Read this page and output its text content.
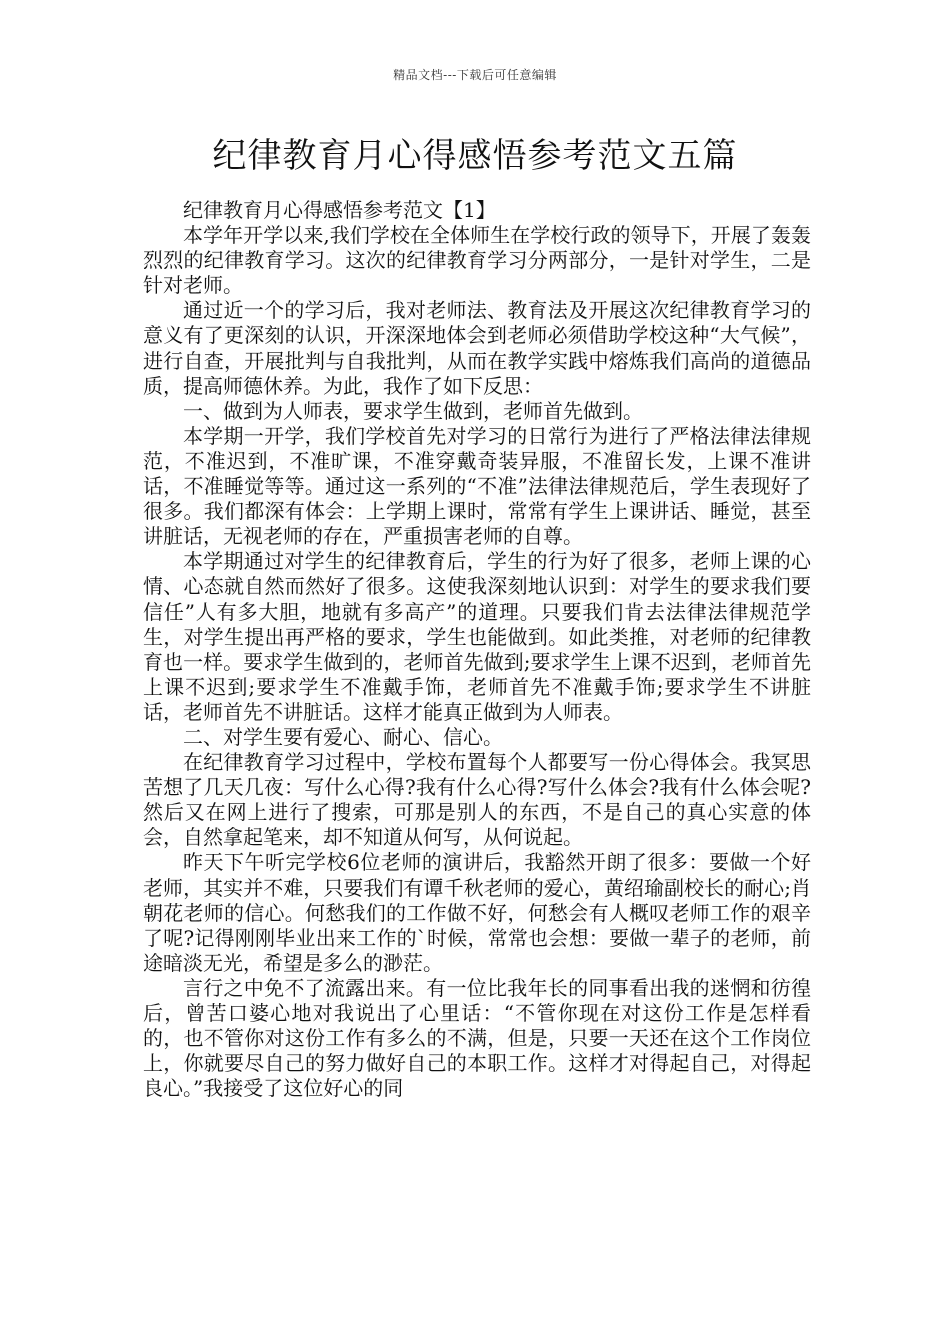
精品文档---下载后可任意编辑
纪律教育月心得感悟参考范文五篇

纪律教育月心得感悟参考范文【1】

本学年开学以来,我们学校在全体师生在学校行政的领导下，开展了轰轰烈烈的纪律教育学习。这次的纪律教育学习分两部分，一是针对学生，二是针对老师。

通过近一个的学习后，我对老师法、教育法及开展这次纪律教育学习的意义有了更深刻的认识，开深深地体会到老师必须借助学校这种“大气候”，进行自查，开展批判与自我批判，从而在教学实践中熔炼我们高尚的道德品质，提高师德休养。为此，我作了如下反思：

一、做到为人师表，要求学生做到，老师首先做到。

本学期一开学，我们学校首先对学习的日常行为进行了严格法律法律规范，不准迟到，不准旷课，不准穿戴奇装异服，不准留长发，上课不准讲话，不准睡觉等等。通过这一系列的“不准”法律法律规范后，学生表现好了很多。我们都深有体会：上学期上课时，常常有学生上课讲话、睡觉，甚至讲脏话，无视老师的存在，严重损害老师的自尊。

本学期通过对学生的纪律教育后，学生的行为好了很多，老师上课的心情、心态就自然而然好了很多。这使我深刻地认识到：对学生的要求我们要信任”人有多大胆，地就有多高产”的道理。只要我们肯去法律法律规范学生，对学生提出再严格的要求，学生也能做到。如此类推，对老师的纪律教育也一样。要求学生做到的，老师首先做到;要求学生上课不迟到，老师首先上课不迟到;要求学生不准戴手饰，老师首先不准戴手饰;要求学生不讲脏话，老师首先不讲脏话。这样才能真正做到为人师表。

二、对学生要有爱心、耐心、信心。

在纪律教育学习过程中，学校布置每个人都要写一份心得体会。我冥思苦想了几天几夜：写什么心得?我有什么心得?写什么体会?我有什么体会呢?然后又在网上进行了搜索，可那是别人的东西，不是自己的真心实意的体会，自然拿起笔来，却不知道从何写，从何说起。

昨天下午听完学校6位老师的演讲后，我豁然开朗了很多：要做一个好老师，其实并不难，只要我们有谭千秋老师的爱心，黄绍瑜副校长的耐心;肖朝花老师的信心。何愁我们的工作做不好，何愁会有人概叹老师工作的艰辛了呢?记得刚刚毕业出来工作的`时候，常常也会想：要做一辈子的老师，前途暗淡无光，希望是多么的渺茫。

言行之中免不了流露出来。有一位比我年长的同事看出我的迷惘和彷徨后，曾苦口婆心地对我说出了心里话：“不管你现在对这份工作是怎样看的，也不管你对这份工作有多么的不满，但是，只要一天还在这个工作岗位上，你就要尽自己的努力做好自己的本职工作。这样才对得起自己，对得起良心。”我接受了这位好心的同
